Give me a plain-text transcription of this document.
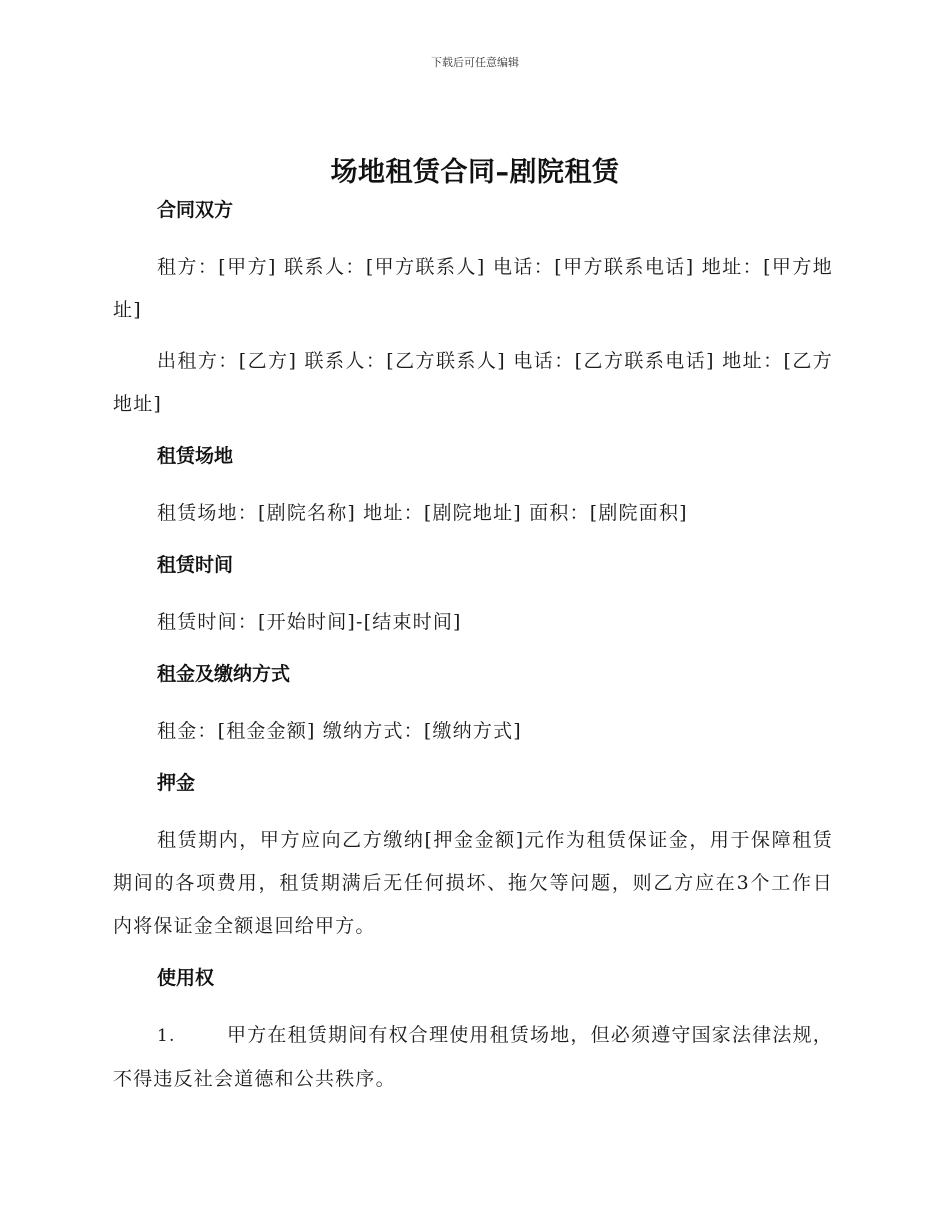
下载后可任意编辑
场地租赁合同–剧院租赁
合同双方

租方：[甲方] 联系人：[甲方联系人] 电话：[甲方联系电话] 地址：[甲方地址]

出租方：[乙方] 联系人：[乙方联系人] 电话：[乙方联系电话] 地址：[乙方地址]

租赁场地

租赁场地：[剧院名称] 地址：[剧院地址] 面积：[剧院面积]

租赁时间

租赁时间：[开始时间]-[结束时间]

租金及缴纳方式

租金：[租金金额] 缴纳方式：[缴纳方式]

押金

租赁期内，甲方应向乙方缴纳[押金金额]元作为租赁保证金，用于保障租赁期间的各项费用，租赁期满后无任何损坏、拖欠等问题，则乙方应在3个工作日内将保证金全额退回给甲方。

使用权

1.	甲方在租赁期间有权合理使用租赁场地，但必须遵守国家法律法规，不得违反社会道德和公共秩序。
